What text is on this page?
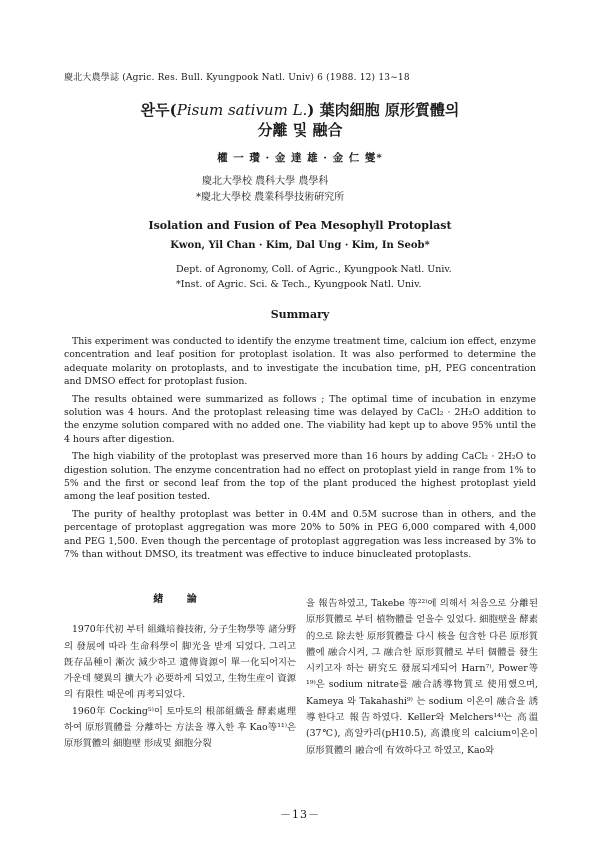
慶北大農學誌 (Agric. Res. Bull. Kyungpook Natl. Univ) 6 (1988. 12) 13∼18
완두(Pisum sativum L.) 葉肉細胞 原形質體의
分離 및 融合
權 一 瓚 · 金 達 雄 · 金 仁 燮*
慶北大學校 農科大學 農學科
*慶北大學校 農業科學技術硏究所
Isolation and Fusion of Pea Mesophyll Protoplast
Kwon, Yil Chan · Kim, Dal Ung · Kim, In Seob*
Dept. of Agronomy, Coll. of Agric., Kyungpook Natl. Univ.
*Inst. of Agric. Sci. & Tech., Kyungpook Natl. Univ.
Summary

This experiment was conducted to identify the enzyme treatment time, calcium ion effect, enzyme concentration and leaf position for protoplast isolation. It was also performed to determine the adequate molarity on protoplasts, and to investigate the incubation time, pH, PEG concentration and DMSO effect for protoplast fusion.

The results obtained were summarized as follows ; The optimal time of incubation in enzyme solution was 4 hours. And the protoplast releasing time was delayed by CaCl₂ · 2H₂O addition to the enzyme solution compared with no added one. The viability had kept up to above 95% until the 4 hours after digestion.

The high viability of the protoplast was preserved more than 16 hours by adding CaCl₂ · 2H₂O to digestion solution. The enzyme concentration had no effect on protoplast yield in range from 1% to 5% and the first or second leaf from the top of the plant produced the highest protoplast yield among the leaf position tested.

The purity of healthy protoplast was better in 0.4M and 0.5M sucrose than in others, and the percentage of protoplast aggregation was more 20% to 50% in PEG 6,000 compared with 4,000 and PEG 1,500. Even though the percentage of protoplast aggregation was less increased by 3% to 7% than without DMSO, its treatment was effective to induce binucleated protoplasts.

緖 論

1970年代初 부터 組織培養技術, 分子生物學等 諸分野의 發展에 따라 生命科學이 脚光을 받게 되었다. 그리고 旣存品種이 漸次 減少하고 遺傳資源이 單一化되어지는 가운데 變異의 擴大가 必要하게 되었고, 生物生産이 資源의 有限性 때문에 再考되었다.

1960年 Cocking⁵⁾이 토마토의 根部組織을 酵素處理하여 原形質體를 分離하는 方法을 導入한 후 Kao等¹¹⁾은 原形質體의 細胞壁 形成및 細胞分裂

을 報告하였고, Takebe 等²²⁾에 의해서 처음으로 分離된 原形質體로 부터 植物體를 얻을수 있었다. 細胞壁을 酵素的으로 除去한 原形質體를 다시 核을 包含한 다른 原形質體에 融合시켜, 그 融合한 原形質體로 부터 個體를 發生시키고자 하는 硏究도 發展되게되어 Harn⁷⁾, Power等¹⁹⁾은 sodium nitrate를 融合誘導物質로 使用했으며, Kameya 와 Takahashi⁹⁾ 는 sodium 이온이 融合을 誘導한다고 報告하였다. Keller와 Melchers¹⁴⁾는 高溫(37℃), 高알카리(pH10.5), 高濃度의 calcium이온이 原形質體의 融合에 有效하다고 하였고, Kao와

－13－
